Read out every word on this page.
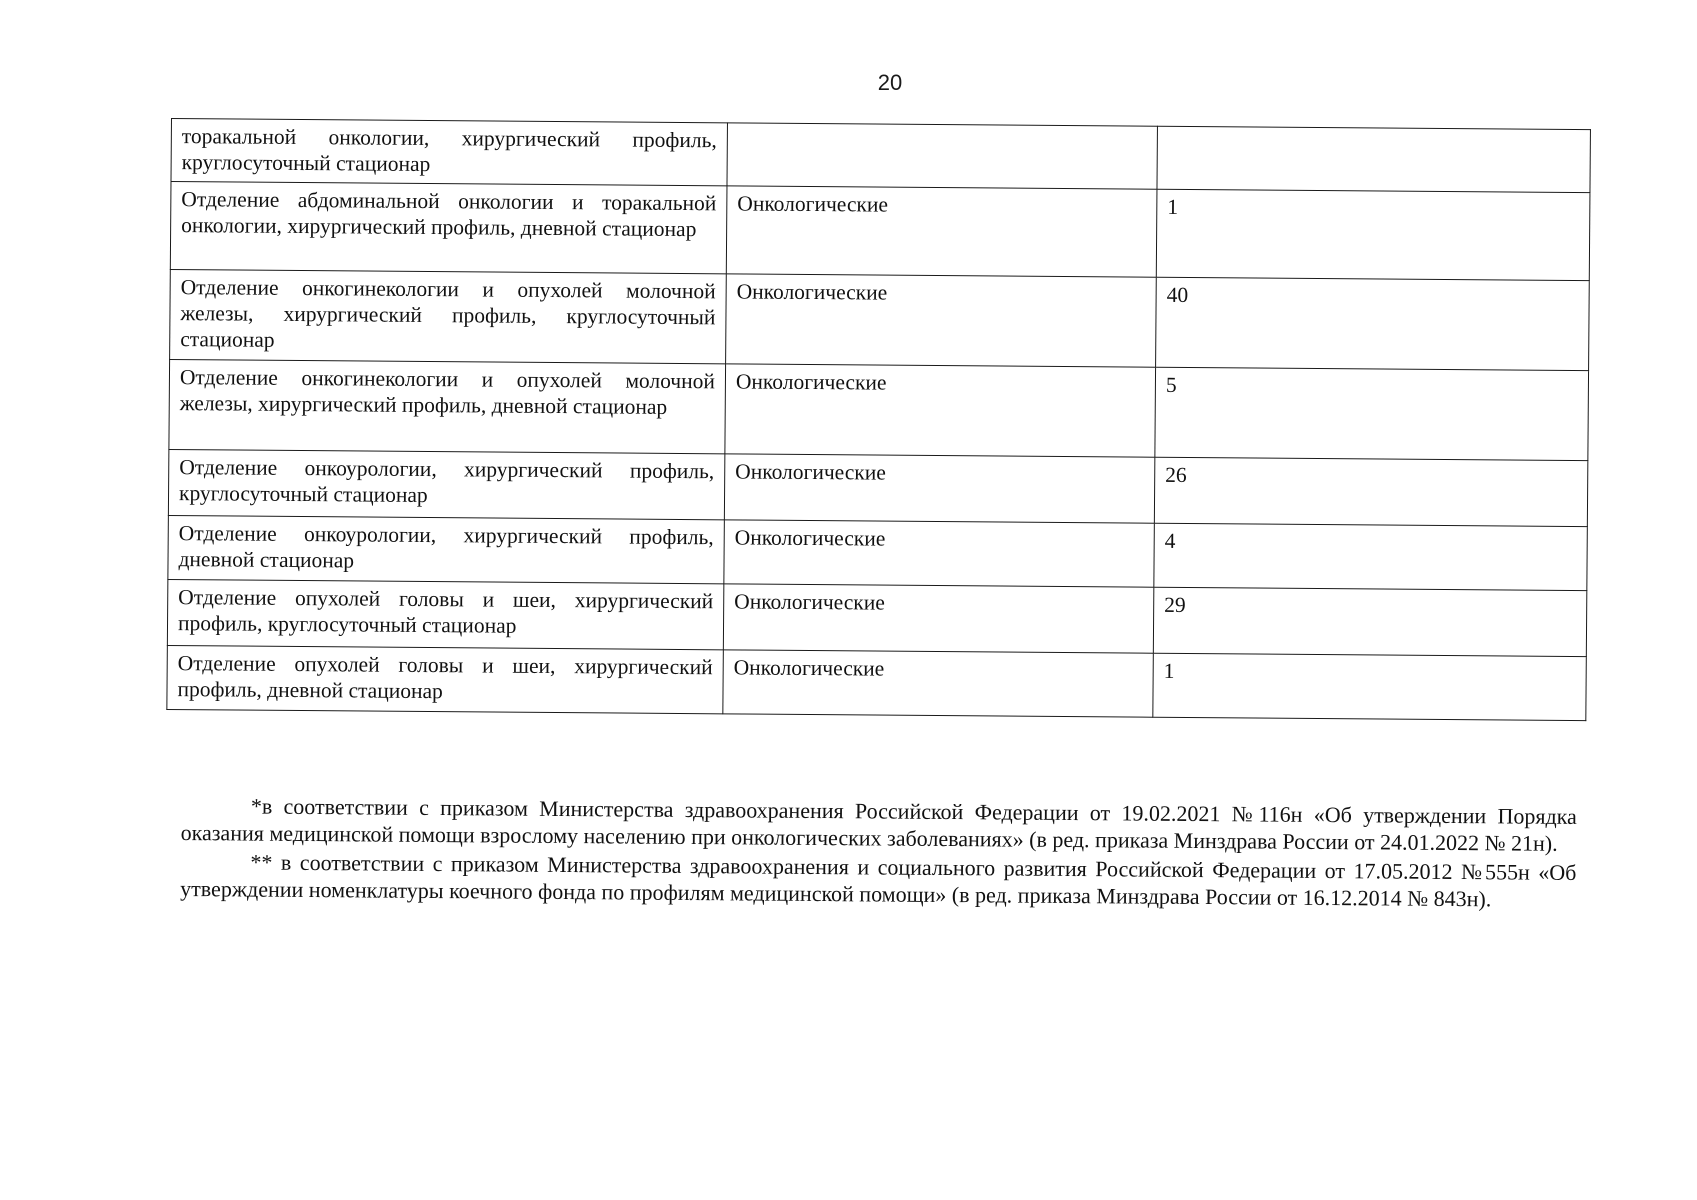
20
торакальной онкологии, хирургический профиль, круглосуточный стационар		
Отделение абдоминальной онкологии и торакальной онкологии, хирургический профиль, дневной стационар	Онкологические	1
Отделение онкогинекологии и опухолей молочной железы, хирургический профиль, круглосуточный стационар	Онкологические	40
Отделение онкогинекологии и опухолей молочной железы, хирургический профиль, дневной стационар	Онкологические	5
Отделение онкоурологии, хирургический профиль, круглосуточный стационар	Онкологические	26
Отделение онкоурологии, хирургический профиль, дневной стационар	Онкологические	4
Отделение опухолей головы и шеи, хирургический профиль, круглосуточный стационар	Онкологические	29
Отделение опухолей головы и шеи, хирургический профиль, дневной стационар	Онкологические	1

*в соответствии с приказом Министерства здравоохранения Российской Федерации от 19.02.2021 №116н «Об утверждении Порядка оказания медицинской помощи взрослому населению при онкологических заболеваниях» (в ред. приказа Минздрава России от 24.01.2022 № 21н).

** в соответствии с приказом Министерства здравоохранения и социального развития Российской Федерации от 17.05.2012 №555н «Об утверждении номенклатуры коечного фонда по профилям медицинской помощи» (в ред. приказа Минздрава России от 16.12.2014 № 843н).
